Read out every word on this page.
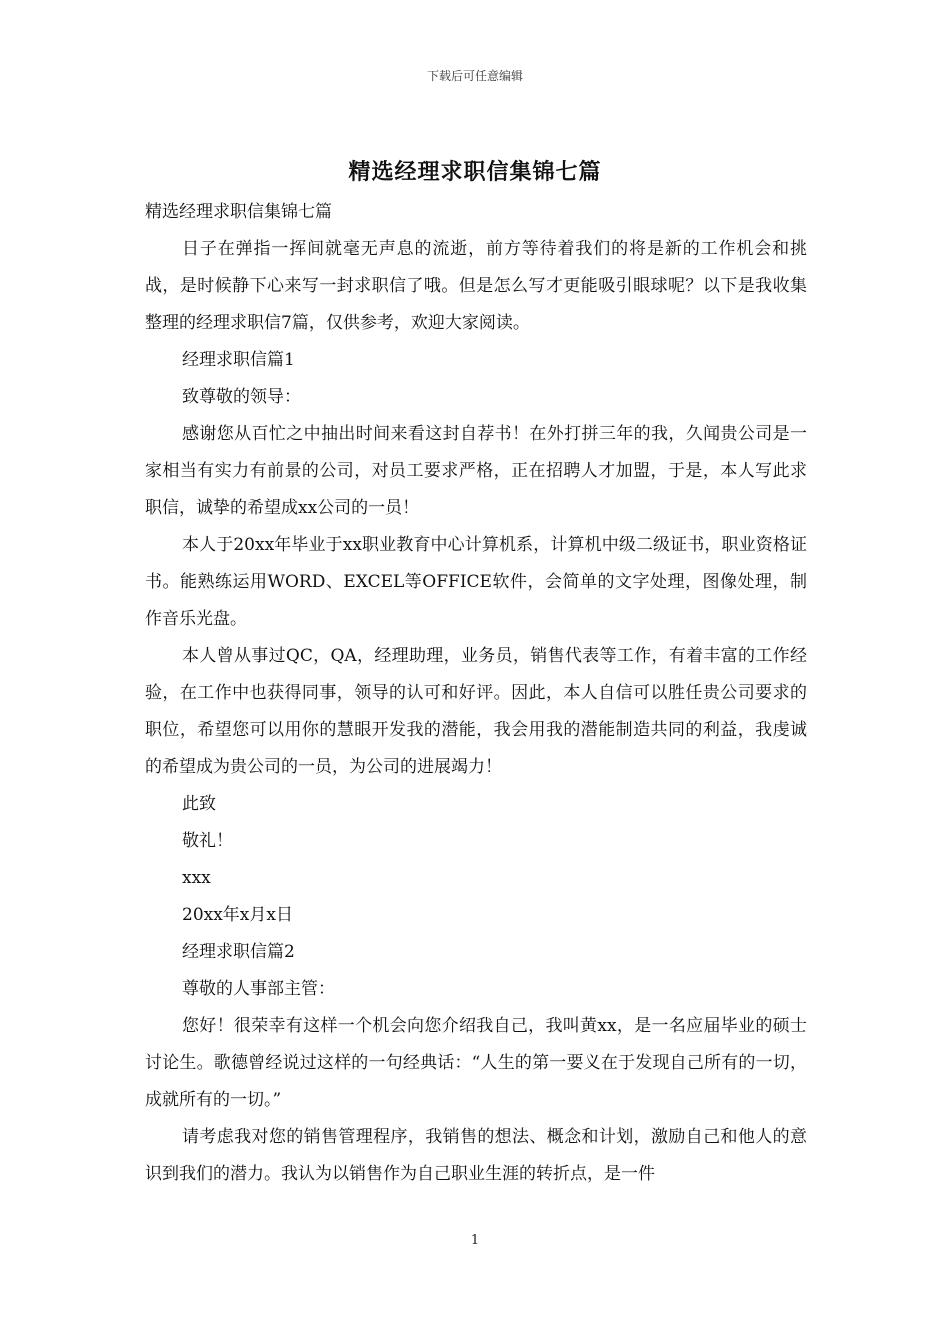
下载后可任意编辑
精选经理求职信集锦七篇

精选经理求职信集锦七篇

日子在弹指一挥间就毫无声息的流逝，前方等待着我们的将是新的工作机会和挑战，是时候静下心来写一封求职信了哦。但是怎么写才更能吸引眼球呢？以下是我收集整理的经理求职信7篇，仅供参考，欢迎大家阅读。

经理求职信篇1

致尊敬的领导：

感谢您从百忙之中抽出时间来看这封自荐书！在外打拼三年的我，久闻贵公司是一家相当有实力有前景的公司，对员工要求严格，正在招聘人才加盟，于是，本人写此求职信，诚挚的希望成xx公司的一员！

本人于20xx年毕业于xx职业教育中心计算机系，计算机中级二级证书，职业资格证书。能熟练运用WORD、EXCEL等OFFICE软件，会简单的文字处理，图像处理，制作音乐光盘。

本人曾从事过QC，QA，经理助理，业务员，销售代表等工作，有着丰富的工作经验，在工作中也获得同事，领导的认可和好评。因此，本人自信可以胜任贵公司要求的职位，希望您可以用你的慧眼开发我的潜能，我会用我的潜能制造共同的利益，我虔诚的希望成为贵公司的一员，为公司的进展竭力！

此致

敬礼！

xxx

20xx年x月x日

经理求职信篇2

尊敬的人事部主管：

您好！很荣幸有这样一个机会向您介绍我自己，我叫黄xx，是一名应届毕业的硕士讨论生。歌德曾经说过这样的一句经典话：“人生的第一要义在于发现自己所有的一切，成就所有的一切。”

请考虑我对您的销售管理程序，我销售的想法、概念和计划，激励自己和他人的意识到我们的潜力。我认为以销售作为自己职业生涯的转折点，是一件

1
